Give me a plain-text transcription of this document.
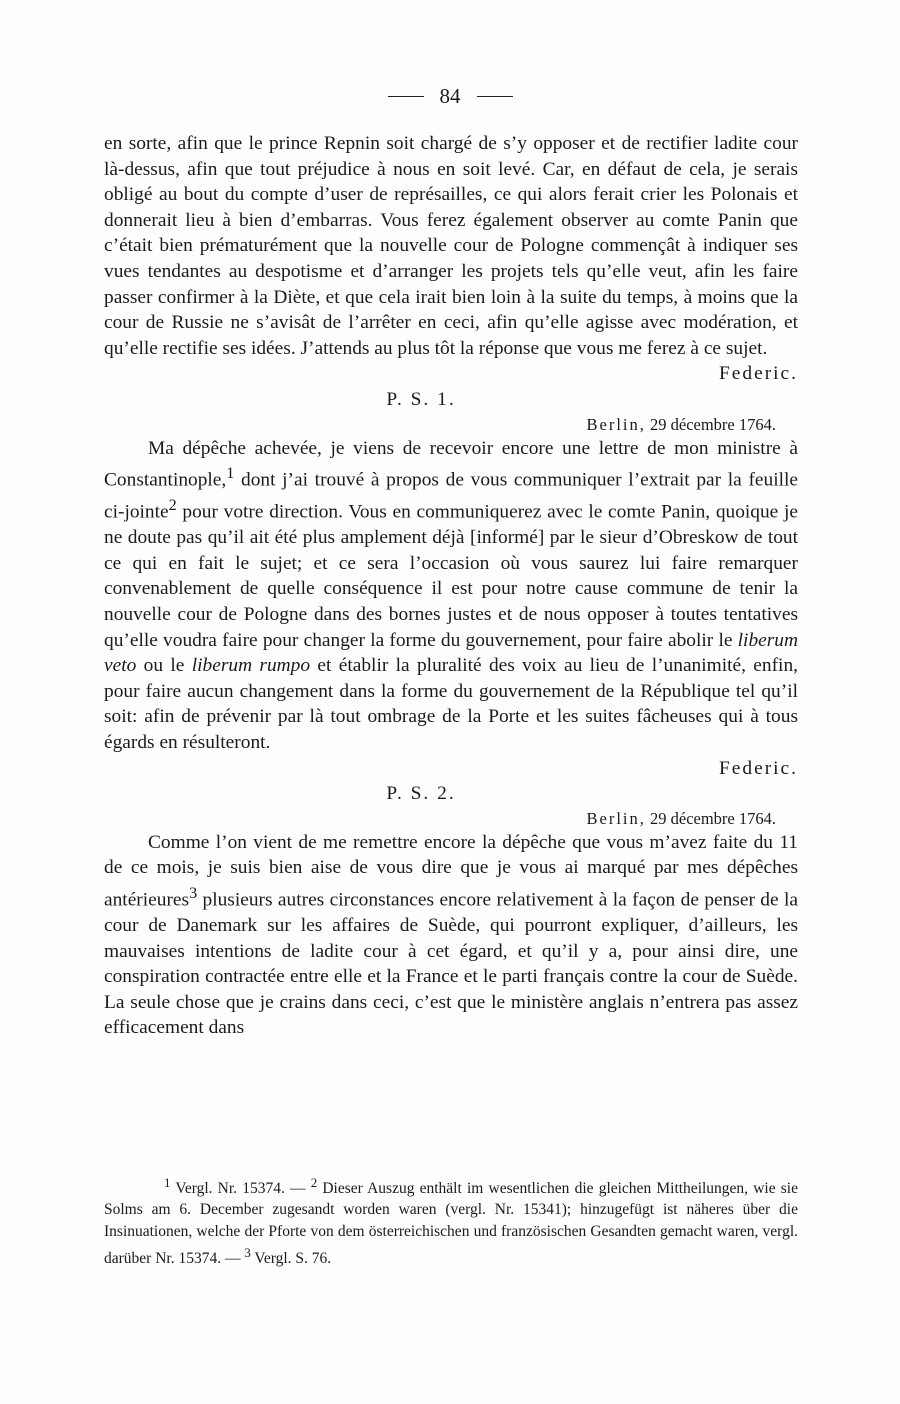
84

en sorte, afin que le prince Repnin soit chargé de s’y opposer et de rectifier ladite cour là-dessus, afin que tout préjudice à nous en soit levé. Car, en défaut de cela, je serais obligé au bout du compte d’user de représailles, ce qui alors ferait crier les Polonais et donnerait lieu à bien d’embarras. Vous ferez également observer au comte Panin que c’était bien prématurément que la nouvelle cour de Pologne commençât à indiquer ses vues tendantes au despotisme et d’arranger les projets tels qu’elle veut, afin les faire passer confirmer à la Diète, et que cela irait bien loin à la suite du temps, à moins que la cour de Russie ne s’avisât de l’arrêter en ceci, afin qu’elle agisse avec modération, et qu’elle rectifie ses idées. J’attends au plus tôt la réponse que vous me ferez à ce sujet.

Federic.

P. S. 1.

Berlin, 29 décembre 1764.

Ma dépêche achevée, je viens de recevoir encore une lettre de mon ministre à Constantinople,$^1$ dont j’ai trouvé à propos de vous communiquer l’extrait par la feuille ci-jointe$^2$ pour votre direction. Vous en communiquerez avec le comte Panin, quoique je ne doute pas qu’il ait été plus amplement déjà [informé] par le sieur d’Obreskow de tout ce qui en fait le sujet; et ce sera l’occasion où vous saurez lui faire remarquer convenablement de quelle conséquence il est pour notre cause commune de tenir la nouvelle cour de Pologne dans des bornes justes et de nous opposer à toutes tentatives qu’elle voudra faire pour changer la forme du gouvernement, pour faire abolir le liberum veto ou le liberum rumpo et établir la pluralité des voix au lieu de l’unanimité, enfin, pour faire aucun changement dans la forme du gouvernement de la République tel qu’il soit: afin de prévenir par là tout ombrage de la Porte et les suites fâcheuses qui à tous égards en résulteront.

Federic.

P. S. 2.

Berlin, 29 décembre 1764.

Comme l’on vient de me remettre encore la dépêche que vous m’avez faite du 11 de ce mois, je suis bien aise de vous dire que je vous ai marqué par mes dépêches antérieures$^3$ plusieurs autres circonstances encore relativement à la façon de penser de la cour de Danemark sur les affaires de Suède, qui pourront expliquer, d’ailleurs, les mauvaises intentions de ladite cour à cet égard, et qu’il y a, pour ainsi dire, une conspiration contractée entre elle et la France et le parti français contre la cour de Suède. La seule chose que je crains dans ceci, c’est que le ministère anglais n’entrera pas assez efficacement dans

$^1$ Vergl. Nr. 15374. — $^2$ Dieser Auszug enthält im wesentlichen die gleichen Mittheilungen, wie sie Solms am 6. December zugesandt worden waren (vergl. Nr. 15341); hinzugefügt ist näheres über die Insinuationen, welche der Pforte von dem österreichischen und französischen Gesandten gemacht waren, vergl. darüber Nr. 15374. — $^3$ Vergl. S. 76.
